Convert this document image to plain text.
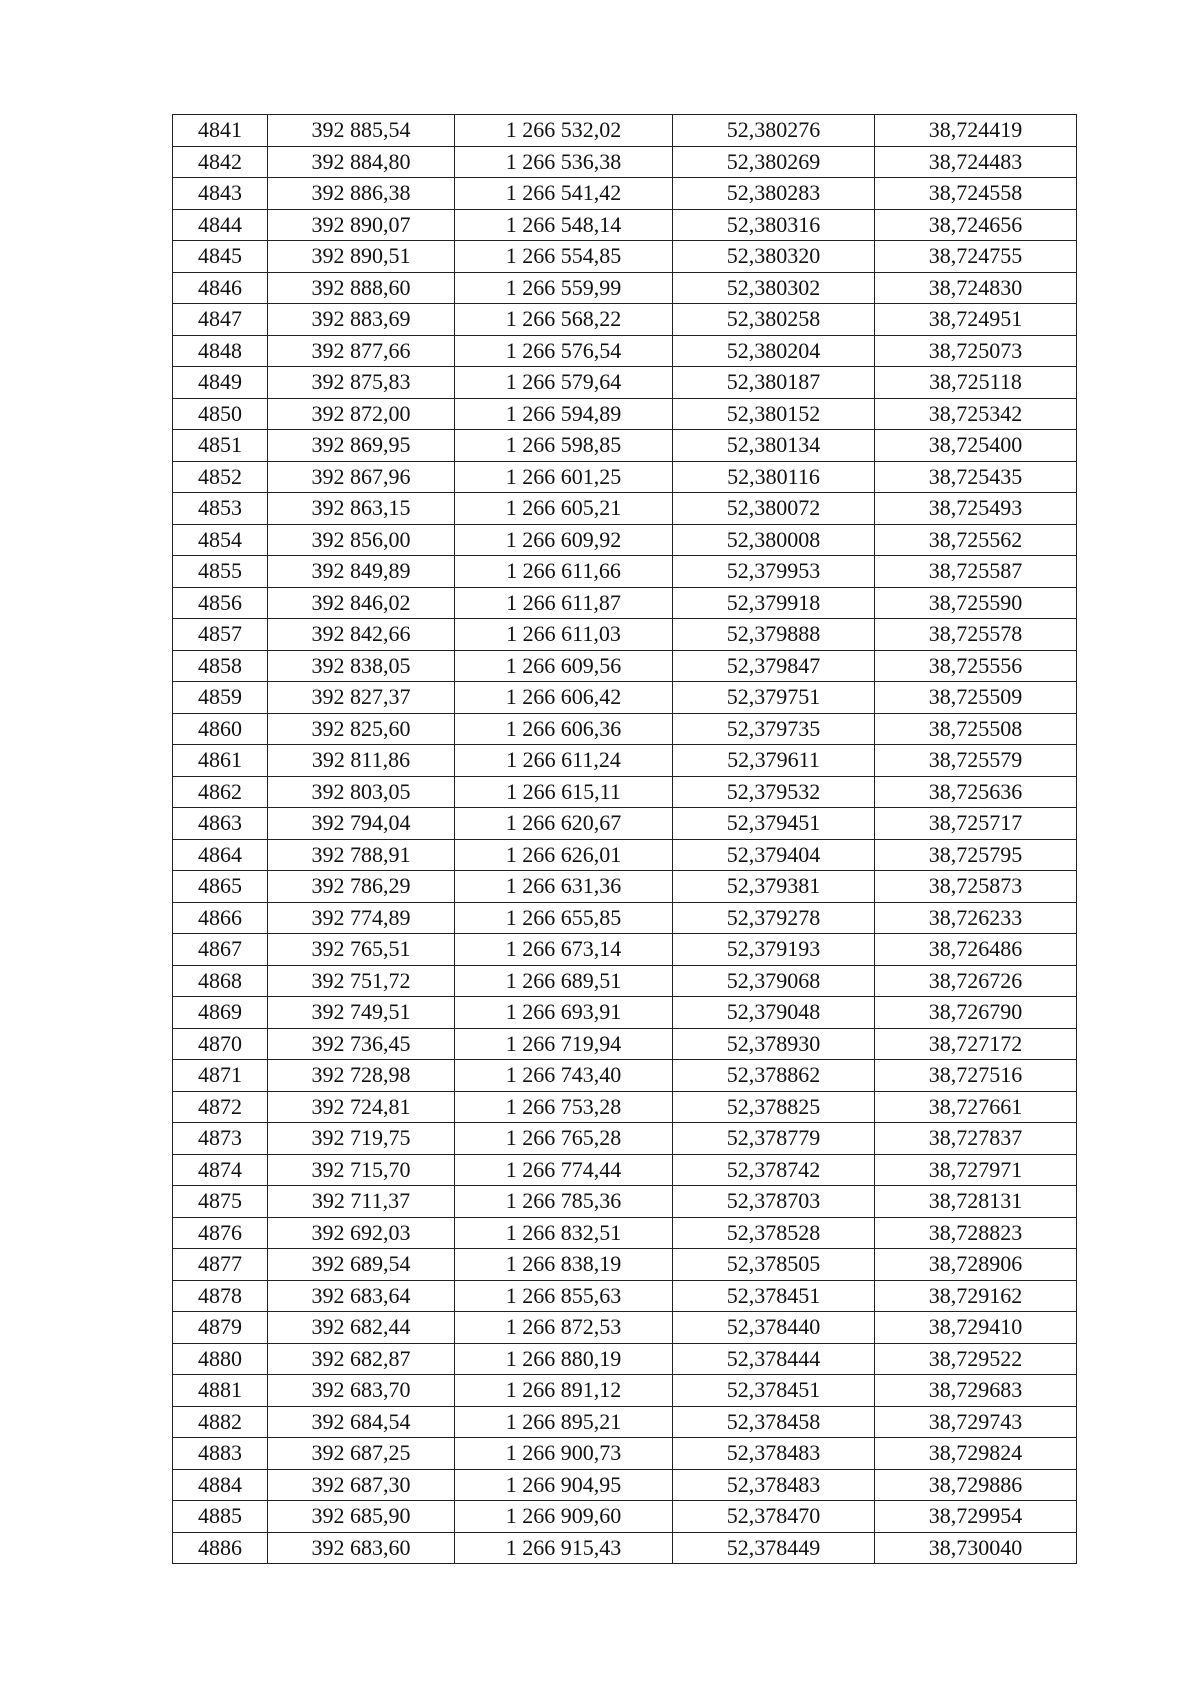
4841	392 885,54	1 266 532,02	52,380276	38,724419
4842	392 884,80	1 266 536,38	52,380269	38,724483
4843	392 886,38	1 266 541,42	52,380283	38,724558
4844	392 890,07	1 266 548,14	52,380316	38,724656
4845	392 890,51	1 266 554,85	52,380320	38,724755
4846	392 888,60	1 266 559,99	52,380302	38,724830
4847	392 883,69	1 266 568,22	52,380258	38,724951
4848	392 877,66	1 266 576,54	52,380204	38,725073
4849	392 875,83	1 266 579,64	52,380187	38,725118
4850	392 872,00	1 266 594,89	52,380152	38,725342
4851	392 869,95	1 266 598,85	52,380134	38,725400
4852	392 867,96	1 266 601,25	52,380116	38,725435
4853	392 863,15	1 266 605,21	52,380072	38,725493
4854	392 856,00	1 266 609,92	52,380008	38,725562
4855	392 849,89	1 266 611,66	52,379953	38,725587
4856	392 846,02	1 266 611,87	52,379918	38,725590
4857	392 842,66	1 266 611,03	52,379888	38,725578
4858	392 838,05	1 266 609,56	52,379847	38,725556
4859	392 827,37	1 266 606,42	52,379751	38,725509
4860	392 825,60	1 266 606,36	52,379735	38,725508
4861	392 811,86	1 266 611,24	52,379611	38,725579
4862	392 803,05	1 266 615,11	52,379532	38,725636
4863	392 794,04	1 266 620,67	52,379451	38,725717
4864	392 788,91	1 266 626,01	52,379404	38,725795
4865	392 786,29	1 266 631,36	52,379381	38,725873
4866	392 774,89	1 266 655,85	52,379278	38,726233
4867	392 765,51	1 266 673,14	52,379193	38,726486
4868	392 751,72	1 266 689,51	52,379068	38,726726
4869	392 749,51	1 266 693,91	52,379048	38,726790
4870	392 736,45	1 266 719,94	52,378930	38,727172
4871	392 728,98	1 266 743,40	52,378862	38,727516
4872	392 724,81	1 266 753,28	52,378825	38,727661
4873	392 719,75	1 266 765,28	52,378779	38,727837
4874	392 715,70	1 266 774,44	52,378742	38,727971
4875	392 711,37	1 266 785,36	52,378703	38,728131
4876	392 692,03	1 266 832,51	52,378528	38,728823
4877	392 689,54	1 266 838,19	52,378505	38,728906
4878	392 683,64	1 266 855,63	52,378451	38,729162
4879	392 682,44	1 266 872,53	52,378440	38,729410
4880	392 682,87	1 266 880,19	52,378444	38,729522
4881	392 683,70	1 266 891,12	52,378451	38,729683
4882	392 684,54	1 266 895,21	52,378458	38,729743
4883	392 687,25	1 266 900,73	52,378483	38,729824
4884	392 687,30	1 266 904,95	52,378483	38,729886
4885	392 685,90	1 266 909,60	52,378470	38,729954
4886	392 683,60	1 266 915,43	52,378449	38,730040
